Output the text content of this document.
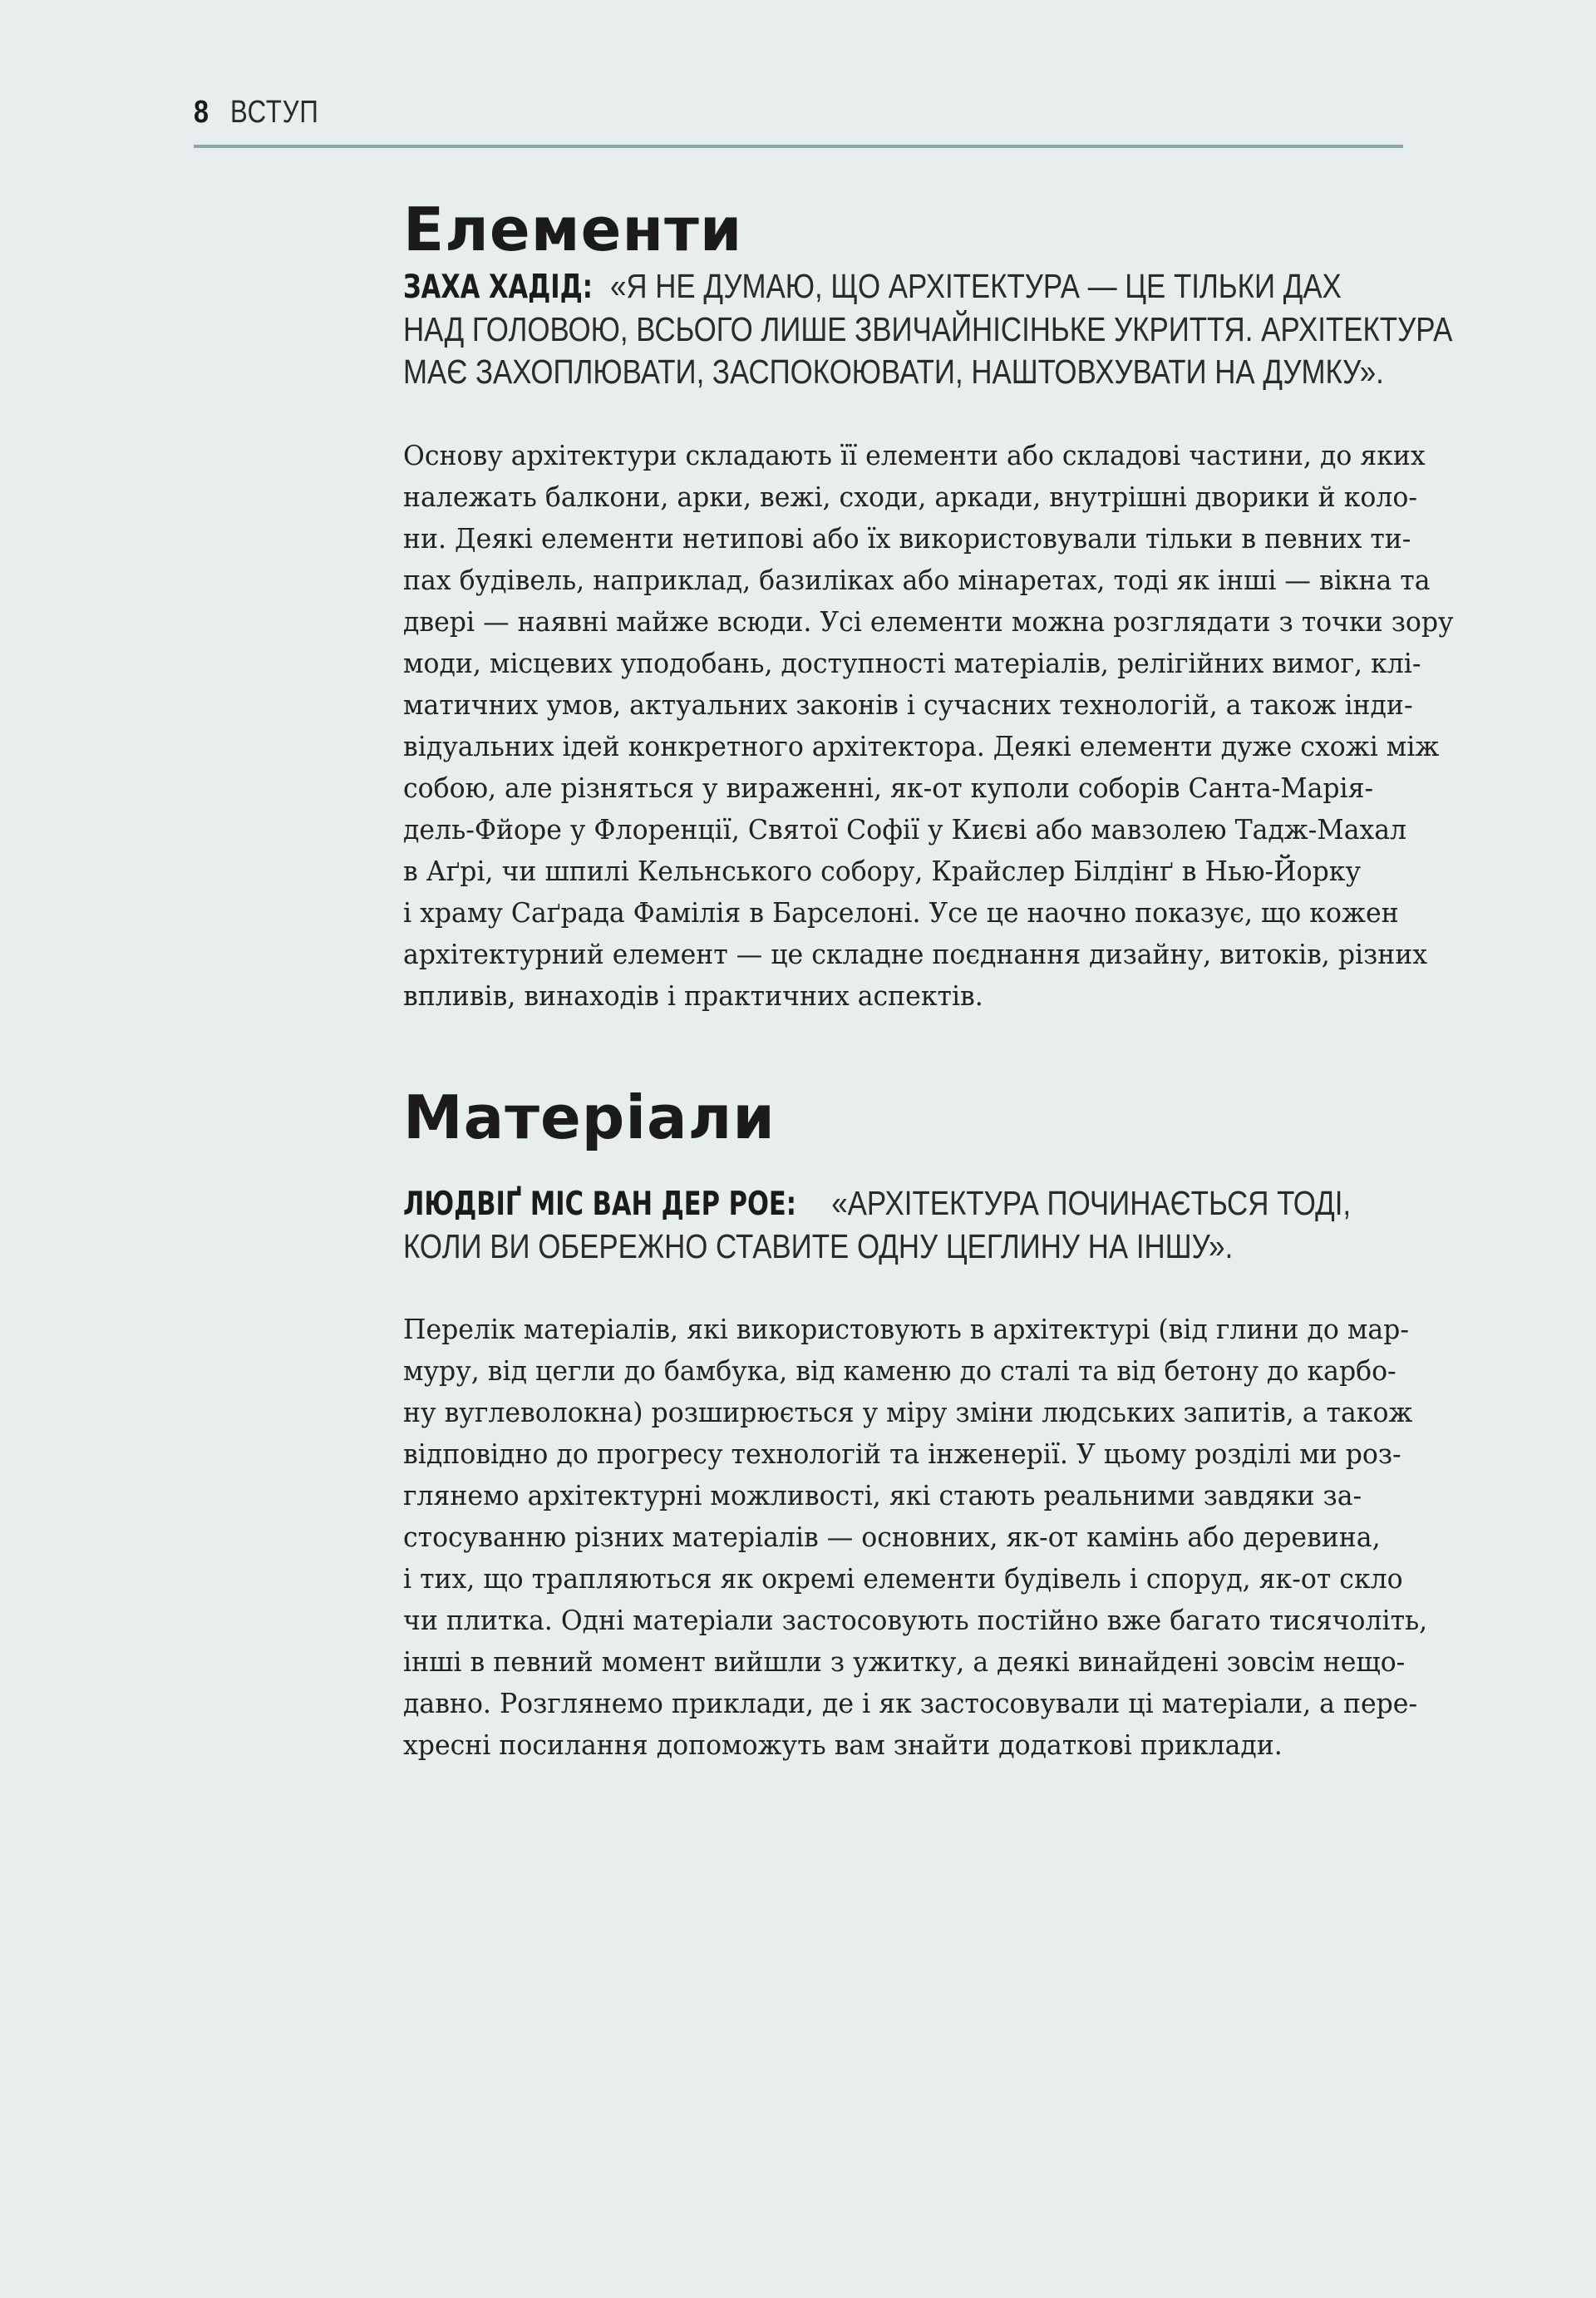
8 ВСТУП
Елементи
ЗАХА ХАДІД: «Я НЕ ДУМАЮ, ЩО АРХІТЕКТУРА — ЦЕ ТІЛЬКИ ДАХ
НАД ГОЛОВОЮ, ВСЬОГО ЛИШЕ ЗВИЧАЙНІСІНЬКЕ УКРИТТЯ. АРХІТЕКТУРА
МАЄ ЗАХОПЛЮВАТИ, ЗАСПОКОЮВАТИ, НАШТОВХУВАТИ НА ДУМКУ».

Основу архітектури складають її елементи або складові частини, до яких
належать балкони, арки, вежі, сходи, аркади, внутрішні дворики й коло-
ни. Деякі елементи нетипові або їх використовували тільки в певних ти-
пах будівель, наприклад, базиліках або мінаретах, тоді як інші — вікна та
двері — наявні майже всюди. Усі елементи можна розглядати з точки зору
моди, місцевих уподобань, доступності матеріалів, релігійних вимог, клі-
матичних умов, актуальних законів і сучасних технологій, а також інди-
відуальних ідей конкретного архітектора. Деякі елементи дуже схожі між
собою, але різняться у вираженні, як-от куполи соборів Санта-Марія-
дель-Фйоре у Флоренції, Святої Софії у Києві або мавзолею Тадж-Махал
в Аґрі, чи шпилі Кельнського собору, Крайслер Білдінґ в Нью-Йорку
і храму Саґрада Фамілія в Барселоні. Усе це наочно показує, що кожен
архітектурний елемент — це складне поєднання дизайну, витоків, різних
впливів, винаходів і практичних аспектів.

Матеріали
ЛЮДВІҐ МІС ВАН ДЕР РОЕ: «АРХІТЕКТУРА ПОЧИНАЄТЬСЯ ТОДІ,
КОЛИ ВИ ОБЕРЕЖНО СТАВИТЕ ОДНУ ЦЕГЛИНУ НА ІНШУ».

Перелік матеріалів, які використовують в архітектурі (від глини до мар-
муру, від цегли до бамбука, від каменю до сталі та від бетону до карбо-
ну вуглеволокна) розширюється у міру зміни людських запитів, а також
відповідно до прогресу технологій та інженерії. У цьому розділі ми роз-
глянемо архітектурні можливості, які стають реальними завдяки за-
стосуванню різних матеріалів — основних, як-от камінь або деревина,
і тих, що трапляються як окремі елементи будівель і споруд, як-от скло
чи плитка. Одні матеріали застосовують постійно вже багато тисячоліть,
інші в певний момент вийшли з ужитку, а деякі винайдені зовсім нещо-
давно. Розглянемо приклади, де і як застосовували ці матеріали, а пере-
хресні посилання допоможуть вам знайти додаткові приклади.
